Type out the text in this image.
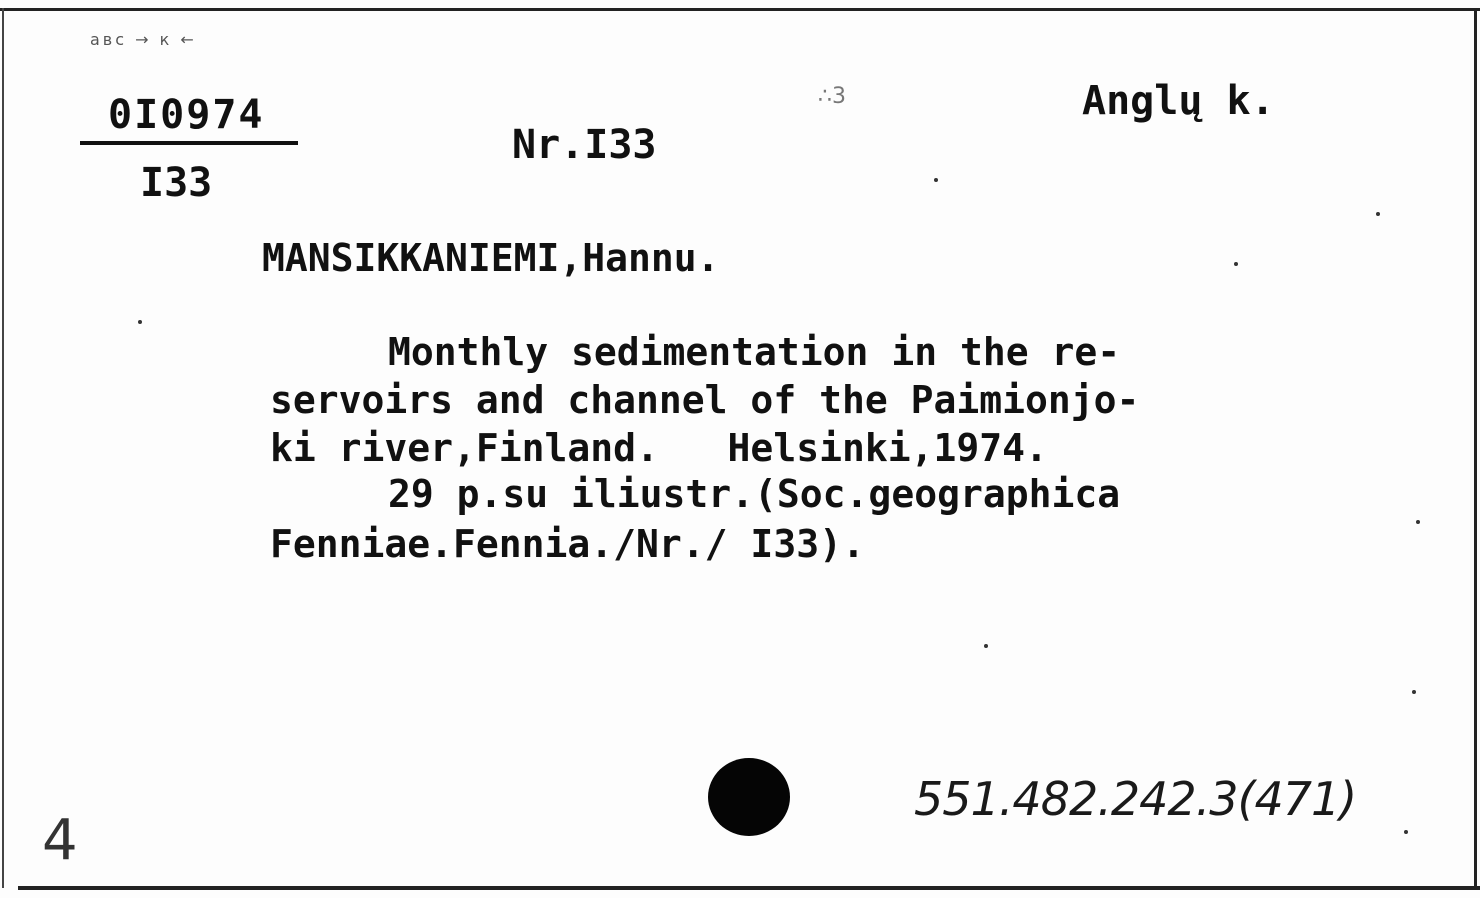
авс → к ←
0I0974
I33
Nr.I33
∴3	Anglų k.
MANSIKKANIEMI,Hannu.
Monthly sedimentation in the re-
servoirs and channel of the Paimionjo-
ki river,Finland.   Helsinki,1974.
29 p.su iliustr.(Soc.geographica
Fenniae.Fennia./Nr./ I33).
551.482.242.3(471)
4
